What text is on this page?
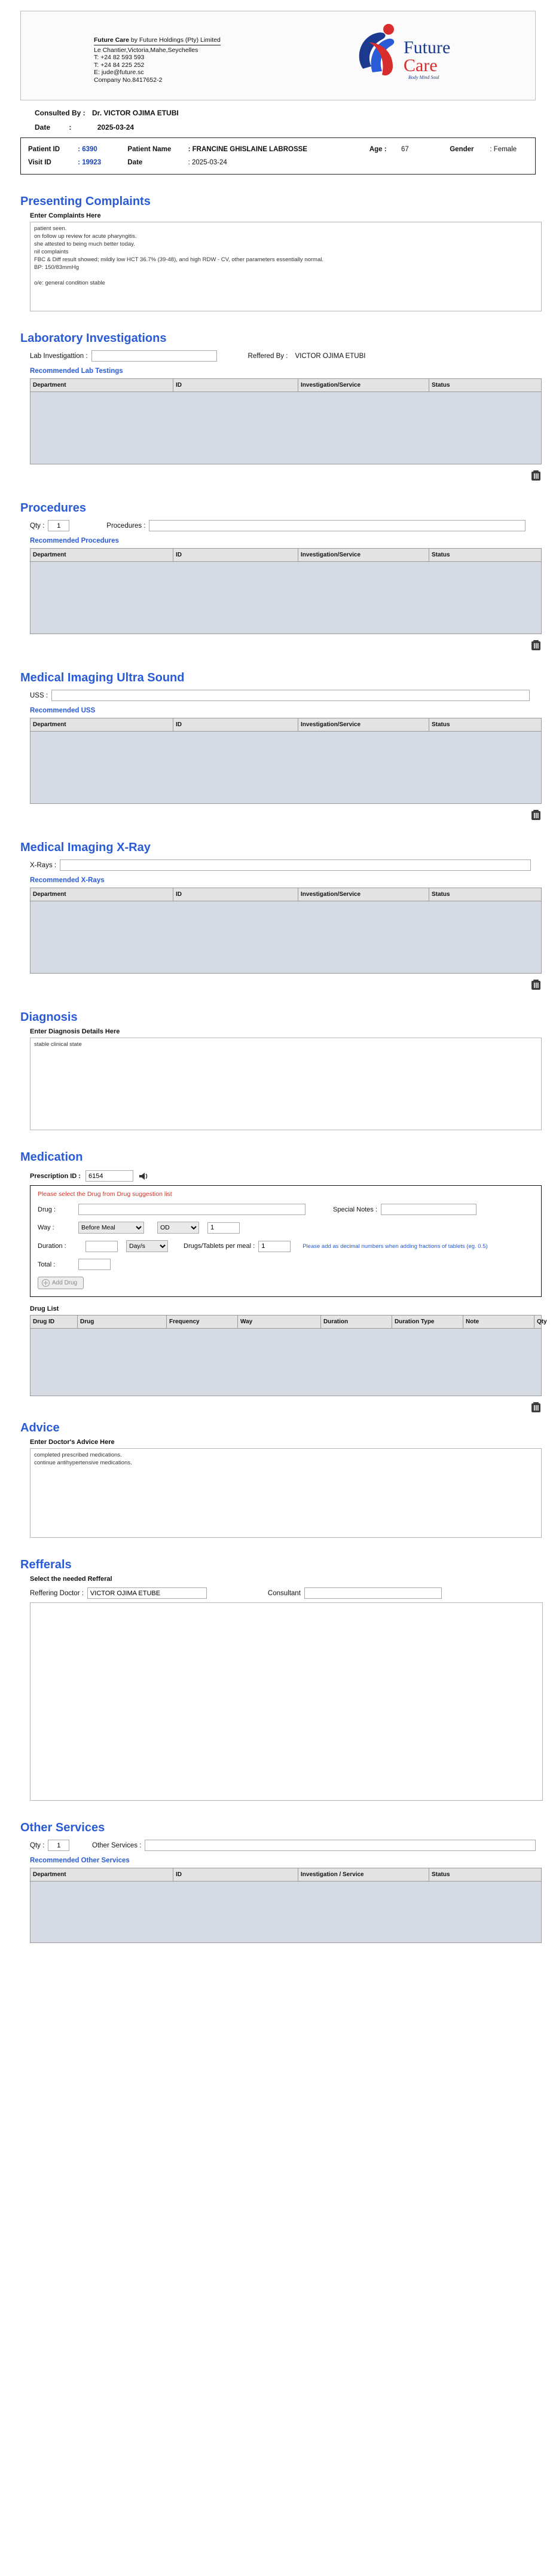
Future Care by Future Holdings (Pty) Limited
Le Chantier,Victoria,Mahe,Seychelles
T: +24 82 593 593
T: +24 84 225 252
E: jude@future.sc
Company No.8417652-2
Future
Care
Body Mind Soul
Consulted By : Dr. VICTOR OJIMA ETUBI
Date	:	2025-03-24
Patient ID	: 6390	Patient Name : FRANCINE GHISLAINE LABROSSE	Age : 67	Gender : Female
Visit ID	: 19923	Date	: 2025-03-24
Presenting Complaints
Enter Complaints Here
patient seen. on follow up review for acute pharyngitis. she attested to being much better today. nil complaints FBC & Diff result showed; mildly low HCT 36.7% (39-48), and high RDW - CV, other parameters essentially normal. BP: 150/83mmHg o/e: general condition stable
Laboratory Investigations
Lab Investigattion :	Reffered By : VICTOR OJIMA ETUBI
Recommended Lab Testings
Department	ID	Investigation/Service	Status

Procedures
Qty :
1	Procedures :
Recommended Procedures
Department	ID	Investigation/Service	Status

Medical Imaging Ultra Sound
USS :
Recommended USS
Department	ID	Investigation/Service	Status

Medical Imaging X-Ray
X-Rays :
Recommended X-Rays
Department	ID	Investigation/Service	Status

Diagnosis
Enter Diagnosis Details Here
stable clinical state
Medication
Prescription ID :
6154
Please select the Drug from Drug suggestion list
Drug :	Special Notes :
Way :
Before Meal
OD
1
Duration :
Day/s	Drugs/Tablets per meal :
1	Please add as decimal numbers when adding fractions of tablets (eg. 0.5)
Total :
Add Drug
Drug List
Drug ID	Drug	Frequency	Way	Duration	Duration Type	Note	Qty

Advice
Enter Doctor's Advice Here
completed prescribed medications. continue antihypertensive medications.
Refferals
Select the needed Refferal
Reffering Doctor :
VICTOR OJIMA ETUBE	Consultant
Other Services
Qty :
1	Other Services :
Recommended Other Services
Department	ID	Investigation / Service	Status
